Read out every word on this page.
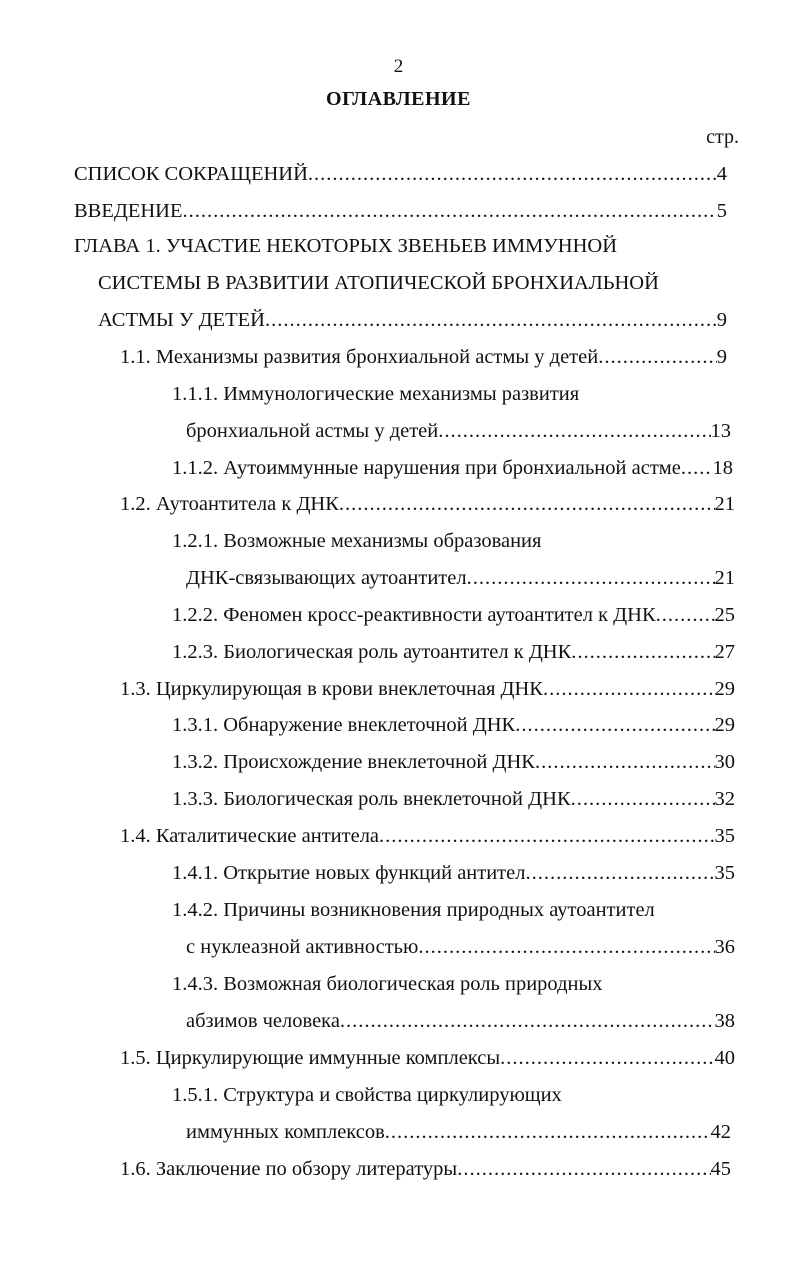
2
ОГЛАВЛЕНИЕ
стр.
СПИСОК СОКРАЩЕНИЙ .....	4
ВВЕДЕНИЕ .....	5
ГЛАВА 1. УЧАСТИЕ НЕКОТОРЫХ ЗВЕНЬЕВ ИММУННОЙ
СИСТЕМЫ В РАЗВИТИИ АТОПИЧЕСКОЙ БРОНХИАЛЬНОЙ
АСТМЫ У ДЕТЕЙ .....	9
1.1. Механизмы развития бронхиальной астмы у детей .....	9
1.1.1. Иммунологические механизмы развития
бронхиальной астмы у детей .....	13
1.1.2. Аутоиммунные нарушения при бронхиальной астме ..... 18
1.2. Аутоантитела к ДНК .....	21
1.2.1. Возможные механизмы образования
ДНК-связывающих аутоантител .....	21
1.2.2. Феномен кросс-реактивности аутоантител к ДНК .....	25
1.2.3. Биологическая роль аутоантител к ДНК .....	27
1.3. Циркулирующая в крови внеклеточная ДНК .....	29
1.3.1. Обнаружение внеклеточной ДНК .....	29
1.3.2. Происхождение внеклеточной ДНК .....	30
1.3.3. Биологическая роль внеклеточной ДНК .....	32
1.4. Каталитические антитела .....	35
1.4.1. Открытие новых функций антител .....	35
1.4.2. Причины возникновения природных аутоантител
с нуклеазной активностью .....	36
1.4.3. Возможная биологическая роль природных
абзимов человека .....	38
1.5. Циркулирующие иммунные комплексы .....	40
1.5.1. Структура и свойства циркулирующих
иммунных комплексов .....	42
1.6. Заключение по обзору литературы .....	45
